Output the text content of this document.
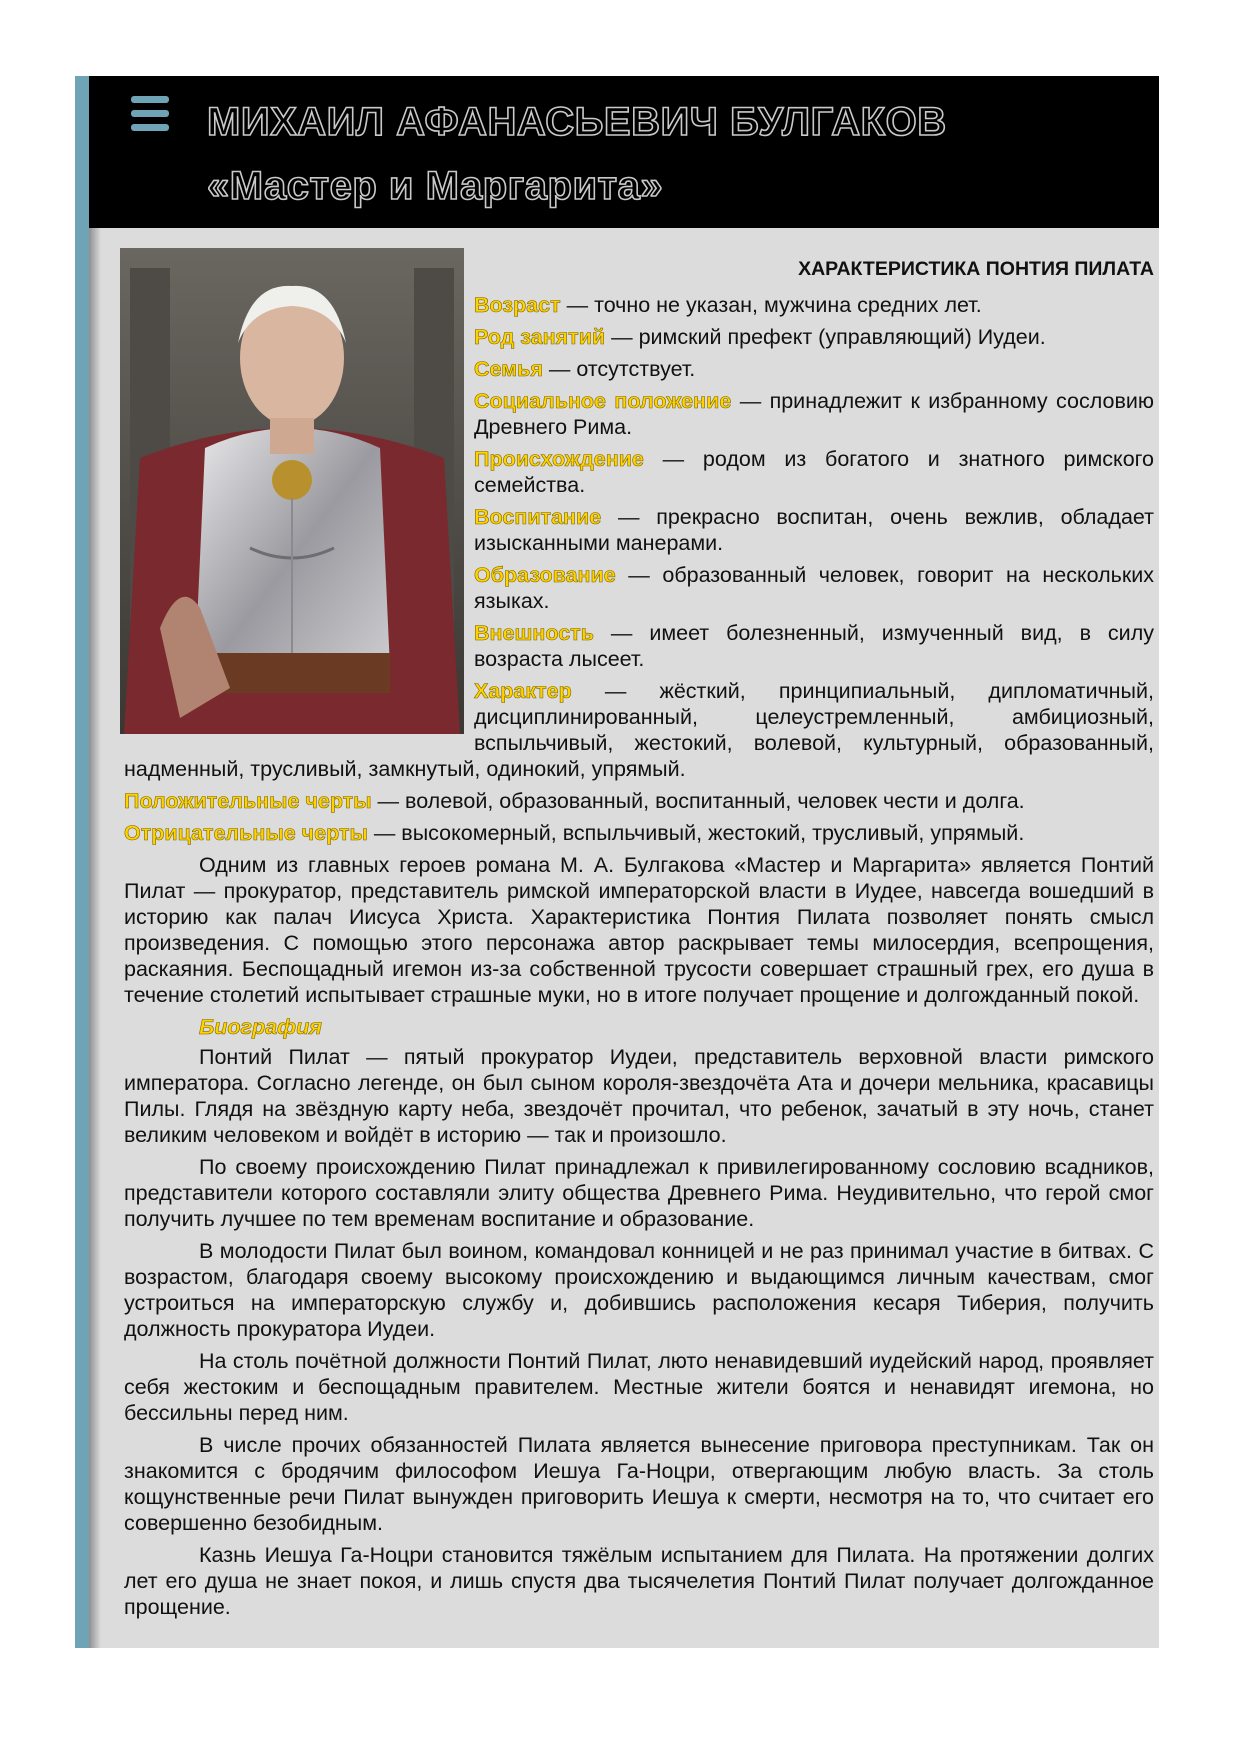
МИХАИЛ АФАНАСЬЕВИЧ БУЛГАКОВ
«Мастер и Маргарита»
ХАРАКТЕРИСТИКА ПОНТИЯ ПИЛАТА

Возраст — точно не указан, мужчина средних лет.

Род занятий — римский префект (управляющий) Иудеи.

Семья — отсутствует.

Социальное положение — принадлежит к избранному сословию Древнего Рима.

Происхождение — родом из богатого и знатного римского семейства.

Воспитание — прекрасно воспитан, очень вежлив, обладает изысканными манерами.

Образование — образованный человек, говорит на нескольких языках.

Внешность — имеет болезненный, измученный вид, в силу возраста лысеет.

Характер — жёсткий, принципиальный, дипломатичный, дисциплинированный, целеустремленный, амбициозный, вспыльчивый, жестокий, волевой, культурный, образованный, надменный, трусливый, замкнутый, одинокий, упрямый.

Положительные черты — волевой, образованный, воспитанный, человек чести и долга.

Отрицательные черты — высокомерный, вспыльчивый, жестокий, трусливый, упрямый.

Одним из главных героев романа М. А. Булгакова «Мастер и Маргарита» является Понтий Пилат — прокуратор, представитель римской императорской власти в Иудее, навсегда вошедший в историю как палач Иисуса Христа. Характеристика Понтия Пилата позволяет понять смысл произведения. С помощью этого персонажа автор раскрывает темы милосердия, всепрощения, раскаяния. Беспощадный игемон из-за собственной трусости совершает страшный грех, его душа в течение столетий испытывает страшные муки, но в итоге получает прощение и долгожданный покой.

Биография

Понтий Пилат — пятый прокуратор Иудеи, представитель верховной власти римского императора. Согласно легенде, он был сыном короля-звездочёта Ата и дочери мельника, красавицы Пилы. Глядя на звёздную карту неба, звездочёт прочитал, что ребенок, зачатый в эту ночь, станет великим человеком и войдёт в историю — так и произошло.

По своему происхождению Пилат принадлежал к привилегированному сословию всадников, представители которого составляли элиту общества Древнего Рима. Неудивительно, что герой смог получить лучшее по тем временам воспитание и образование.

В молодости Пилат был воином, командовал конницей и не раз принимал участие в битвах. С возрастом, благодаря своему высокому происхождению и выдающимся личным качествам, смог устроиться на императорскую службу и, добившись расположения кесаря Тиберия, получить должность прокуратора Иудеи.

На столь почётной должности Понтий Пилат, люто ненавидевший иудейский народ, проявляет себя жестоким и беспощадным правителем. Местные жители боятся и ненавидят игемона, но бессильны перед ним.

В числе прочих обязанностей Пилата является вынесение приговора преступникам. Так он знакомится с бродячим философом Иешуа Га-Ноцри, отвергающим любую власть. За столь кощунственные речи Пилат вынужден приговорить Иешуа к смерти, несмотря на то, что считает его совершенно безобидным.

Казнь Иешуа Га-Ноцри становится тяжёлым испытанием для Пилата. На протяжении долгих лет его душа не знает покоя, и лишь спустя два тысячелетия Понтий Пилат получает долгожданное прощение.
